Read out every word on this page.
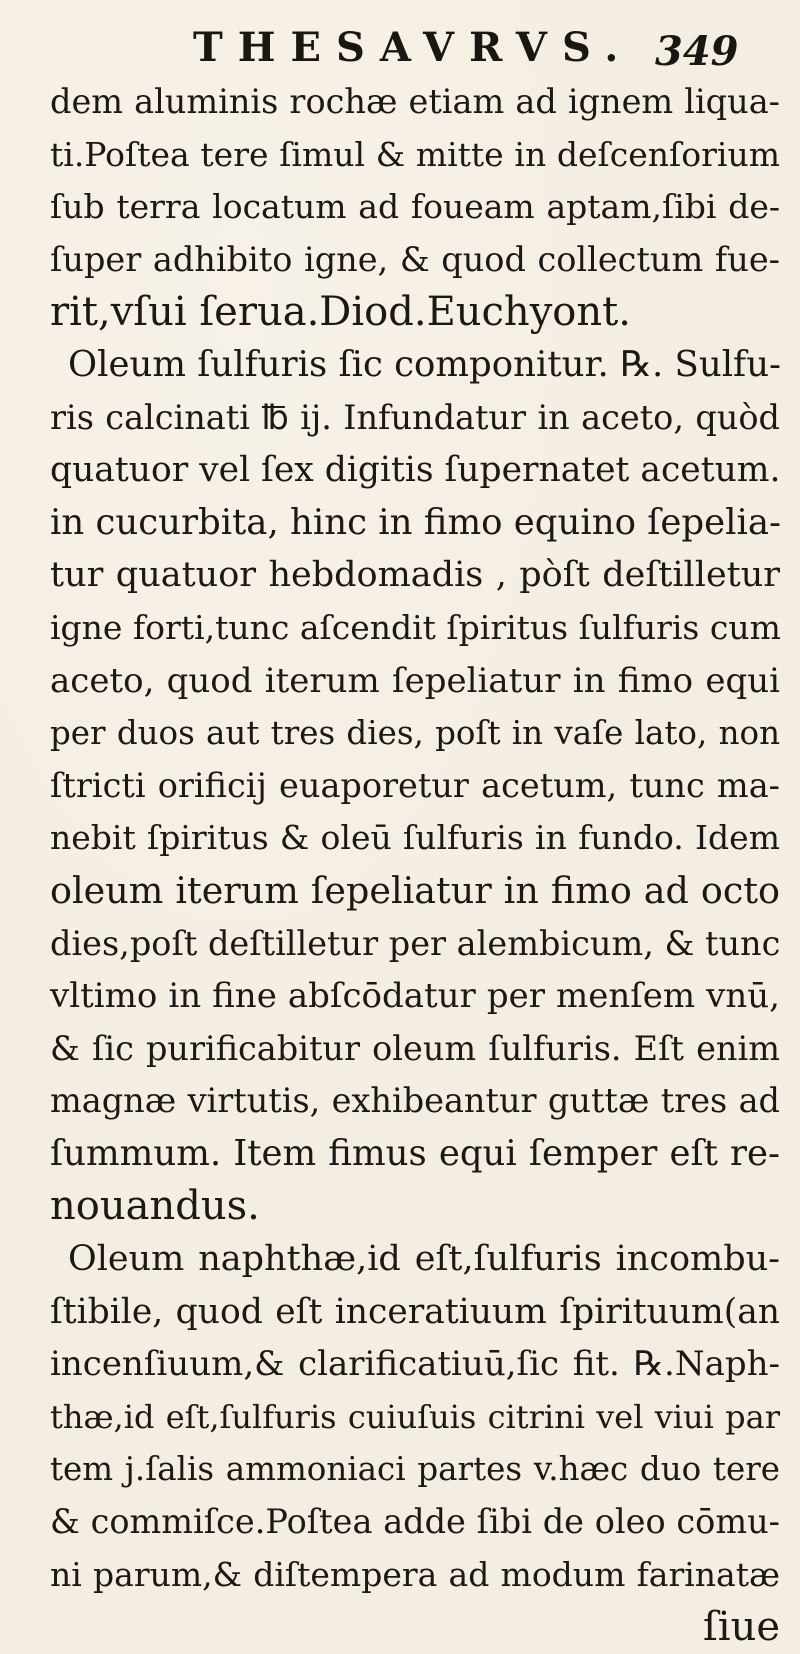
THESAVRVS. 349
dem aluminis rochæ etiam ad ignem liqua-
ti.Poſtea tere ſimul & mitte in deſcenſorium
ſub terra locatum ad foueam aptam,ſibi de-
ſuper adhibito igne, & quod collectum fue-
rit,vſui ſerua.Diod.Euchyont.
Oleum ſulfuris ſic componitur. ℞. Sulfu-
ris calcinati ℔ ij. Infundatur in aceto, quòd
quatuor vel ſex digitis ſupernatet acetum.
in cucurbita, hinc in fimo equino ſepelia-
tur quatuor hebdomadis , pòſt deſtilletur
igne forti,tunc aſcendit ſpiritus ſulfuris cum
aceto, quod iterum ſepeliatur in fimo equi
per duos aut tres dies, poſt in vaſe lato, non
ſtricti orificij euaporetur acetum, tunc ma-
nebit ſpiritus & oleū ſulfuris in fundo. Idem
oleum iterum ſepeliatur in fimo ad octo
dies,poſt deſtilletur per alembicum, & tunc
vltimo in fine abſcōdatur per menſem vnū,
& ſic purificabitur oleum ſulfuris. Eſt enim
magnæ virtutis, exhibeantur guttæ tres ad
ſummum. Item fimus equi ſemper eſt re-
nouandus.
Oleum naphthæ,id eſt,ſulfuris incombu-
ſtibile, quod eſt inceratiuum ſpirituum(an
incenſiuum,& clarificatiuū,ſic fit. ℞.Naph-
thæ,id eſt,ſulfuris cuiuſuis citrini vel viui par
tem j.ſalis ammoniaci partes v.hæc duo tere
& commiſce.Poſtea adde ſibi de oleo cōmu-
ni parum,& diſtempera ad modum farinatæ
ſiue
